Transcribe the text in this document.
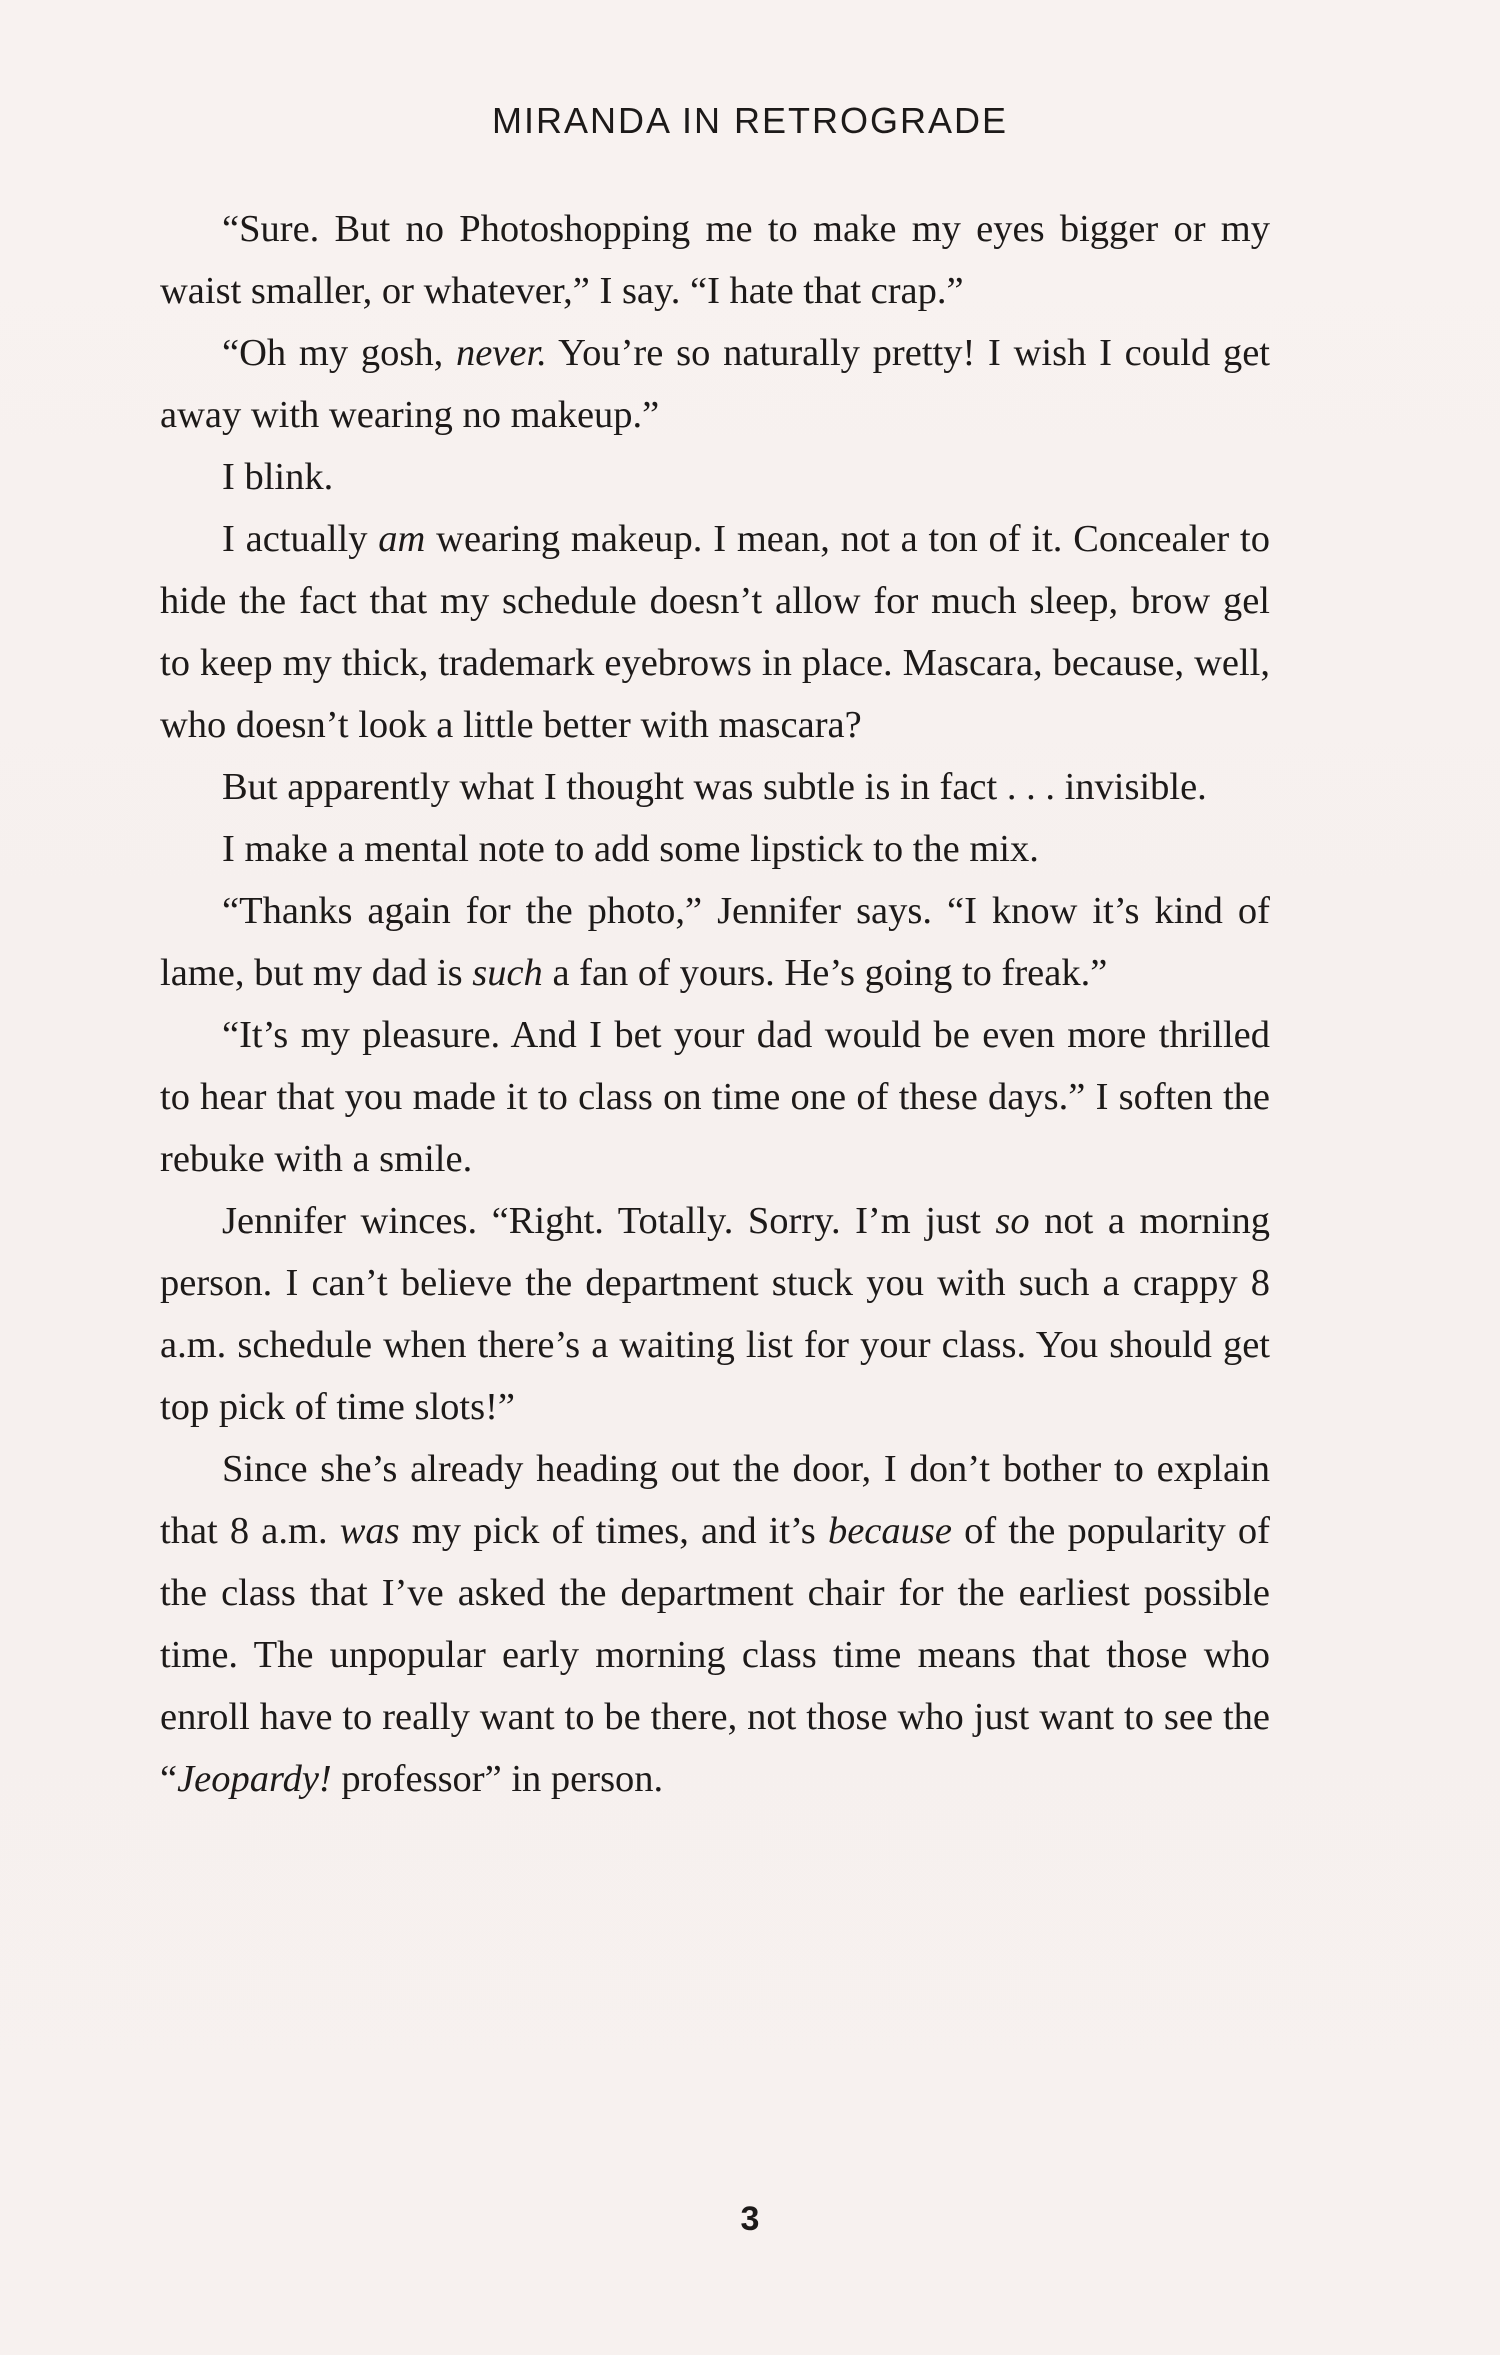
MIRANDA IN RETROGRADE

“Sure. But no Photoshopping me to make my eyes bigger or my waist smaller, or whatever,” I say. “I hate that crap.”

“Oh my gosh, never. You’re so naturally pretty! I wish I could get away with wearing no makeup.”

I blink.

I actually am wearing makeup. I mean, not a ton of it. Concealer to hide the fact that my schedule doesn’t allow for much sleep, brow gel to keep my thick, trademark eyebrows in place. Mascara, because, well, who doesn’t look a little better with mascara?

But apparently what I thought was subtle is in fact . . . invisible.

I make a mental note to add some lipstick to the mix.

“Thanks again for the photo,” Jennifer says. “I know it’s kind of lame, but my dad is such a fan of yours. He’s going to freak.”

“It’s my pleasure. And I bet your dad would be even more thrilled to hear that you made it to class on time one of these days.” I soften the rebuke with a smile.

Jennifer winces. “Right. Totally. Sorry. I’m just so not a morning person. I can’t believe the department stuck you with such a crappy 8 a.m. schedule when there’s a waiting list for your class. You should get top pick of time slots!”

Since she’s already heading out the door, I don’t bother to explain that 8 a.m. was my pick of times, and it’s because of the popularity of the class that I’ve asked the department chair for the earliest possible time. The unpopular early morning class time means that those who enroll have to really want to be there, not those who just want to see the “Jeopardy! professor” in person.

3
